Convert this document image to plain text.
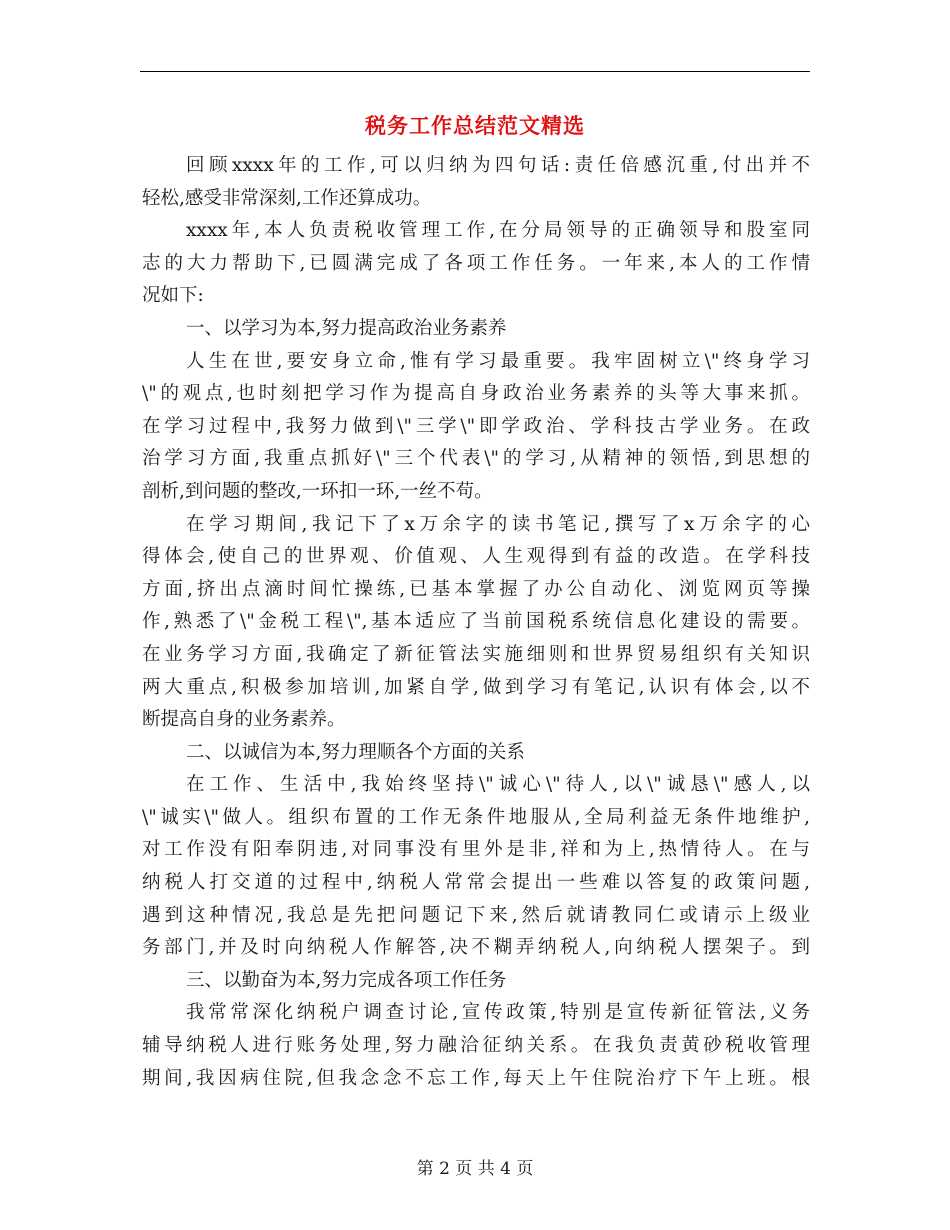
税务工作总结范文精选
回顾xxxx年的工作,可以归纳为四句话:责任倍感沉重,付出并不
轻松,感受非常深刻,工作还算成功。
xxxx年,本人负责税收管理工作,在分局领导的正确领导和股室同
志的大力帮助下,已圆满完成了各项工作任务。一年来,本人的工作情
况如下:
一、以学习为本,努力提高政治业务素养
人生在世,要安身立命,惟有学习最重要。我牢固树立\"终身学习
\"的观点,也时刻把学习作为提高自身政治业务素养的头等大事来抓。
在学习过程中,我努力做到\"三学\"即学政治、学科技古学业务。在政
治学习方面,我重点抓好\"三个代表\"的学习,从精神的领悟,到思想的
剖析,到问题的整改,一环扣一环,一丝不苟。
在学习期间,我记下了x万余字的读书笔记,撰写了x万余字的心
得体会,使自己的世界观、价值观、人生观得到有益的改造。在学科技
方面,挤出点滴时间忙操练,已基本掌握了办公自动化、浏览网页等操
作,熟悉了\"金税工程\",基本适应了当前国税系统信息化建设的需要。
在业务学习方面,我确定了新征管法实施细则和世界贸易组织有关知识
两大重点,积极参加培训,加紧自学,做到学习有笔记,认识有体会,以不
断提高自身的业务素养。
二、以诚信为本,努力理顺各个方面的关系
在工作、生活中,我始终坚持\"诚心\"待人,以\"诚恳\"感人,以
\"诚实\"做人。组织布置的工作无条件地服从,全局利益无条件地维护,
对工作没有阳奉阴违,对同事没有里外是非,祥和为上,热情待人。在与
纳税人打交道的过程中,纳税人常常会提出一些难以答复的政策问题,
遇到这种情况,我总是先把问题记下来,然后就请教同仁或请示上级业
务部门,并及时向纳税人作解答,决不糊弄纳税人,向纳税人摆架子。到
三、以勤奋为本,努力完成各项工作任务
我常常深化纳税户调查讨论,宣传政策,特别是宣传新征管法,义务
辅导纳税人进行账务处理,努力融洽征纳关系。在我负责黄砂税收管理
期间,我因病住院,但我念念不忘工作,每天上午住院治疗下午上班。根
第 2 页 共 4 页
